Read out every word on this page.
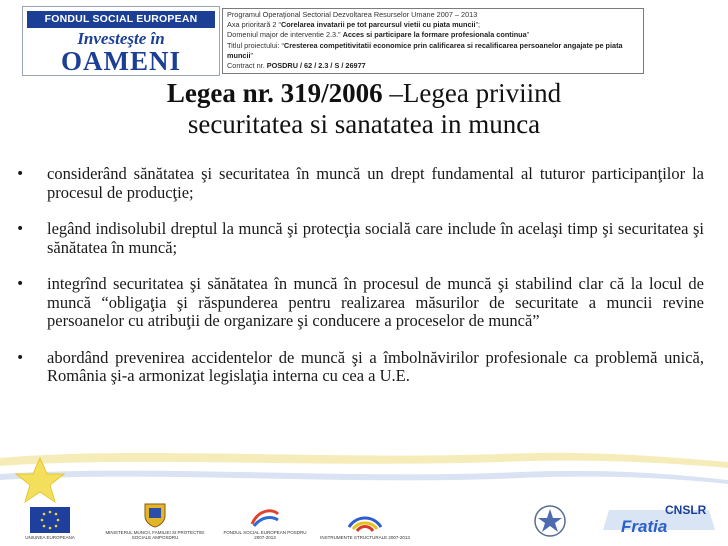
FONDUL SOCIAL EUROPEAN
Investeşte în
OAMENI
Programul Operaţional Sectorial Dezvoltarea Resurselor Umane 2007 – 2013
Axa prioritară 2 “Corelarea invatarii pe tot parcursul vietii cu piata muncii”;
Domeniul major de interventie 2.3.” Acces si participare la formare profesionala continua”
Titlul proiectului: “Cresterea competitivitatii economice prin calificarea si recalificarea persoanelor angajate pe piata muncii”
Contract nr. POSDRU / 62 / 2.3 / S / 26977
Legea nr. 319/2006 –Legea priviind
securitatea si sanatatea in munca
• considerând sănătatea şi securitatea în muncă un drept fundamental al tuturor participanţilor la procesul de producţie;
• legând indisolubil dreptul la muncă şi protecţia socială care include în acelaşi timp şi securitatea şi sănătatea în muncă;
• integrînd securitatea şi sănătatea în muncă în procesul de muncă şi stabilind clar că la locul de muncă “obligaţia şi răspunderea pentru realizarea măsurilor de securitate a muncii revine persoanelor cu atribuţii de organizare şi conducere a proceselor de muncă”
• abordând prevenirea accidentelor de muncă şi a îmbolnăvirilor profesionale ca problemă unică, România şi-a armonizat legislaţia interna cu cea a U.E.
UNIUNEA EUROPEANA
MINISTERUL MUNCII, FAMILIEI SI PROTECTIEI SOCIALE AMPOSDRU
FONDUL SOCIAL EUROPEAN POSDRU 2007-2013	INSTRUMENTE STRUCTURALE 2007-2013
CNSLR
Fratia
